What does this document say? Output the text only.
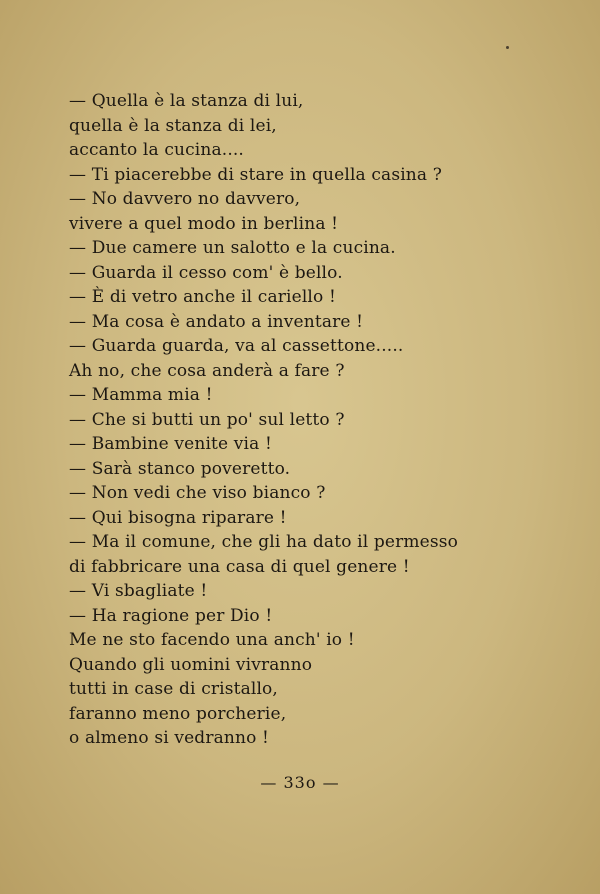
— Quella è la stanza di lui,
quella è la stanza di lei,
accanto la cucina....
— Ti piacerebbe di stare in quella casina ?
— No davvero no davvero,
vivere a quel modo in berlina !
— Due camere un salotto e la cucina.
— Guarda il cesso com' è bello.
— È di vetro anche il cariello !
— Ma cosa è andato a inventare !
— Guarda guarda, va al cassettone.....
Ah no, che cosa anderà a fare ?
— Mamma mia !
— Che si butti un po' sul letto ?
— Bambine venite via !
— Sarà stanco poveretto.
— Non vedi che viso bianco ?
— Qui bisogna riparare !
— Ma il comune, che gli ha dato il permesso
di fabbricare una casa di quel genere !
— Vi sbagliate !
— Ha ragione per Dio !
Me ne sto facendo una anch' io !
Quando gli uomini vivranno
tutti in case di cristallo,
faranno meno porcherie,
o almeno si vedranno !
— 33o —
